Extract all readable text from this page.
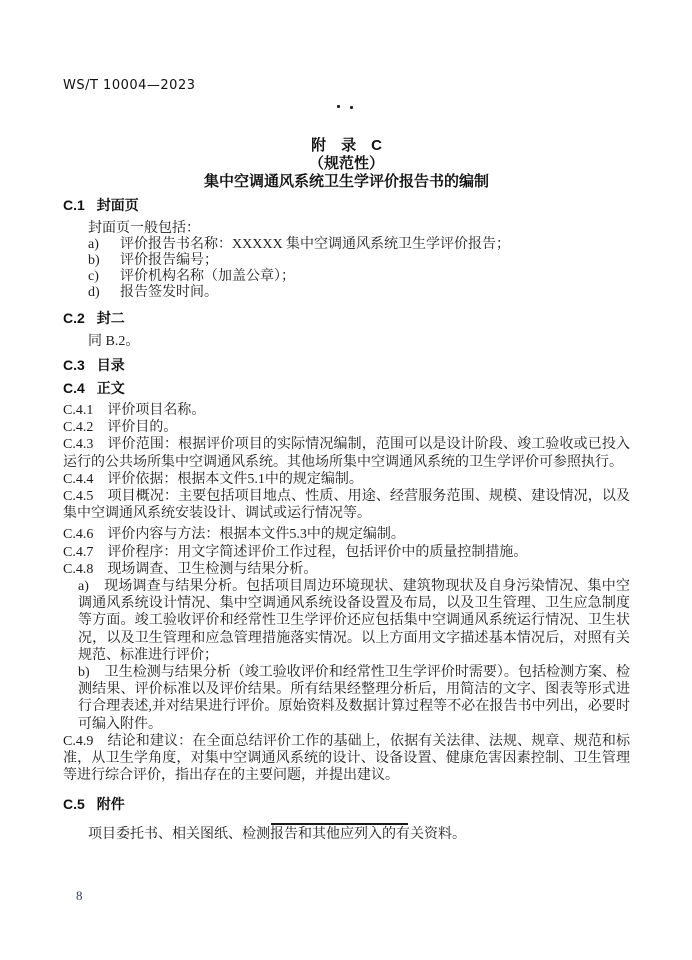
WS/T 10004—2023
附　录　C
（规范性）
集中空调通风系统卫生学评价报告书的编制

C.1 封面页

封面页一般包括：

a) 评价报告书名称：XXXXX 集中空调通风系统卫生学评价报告；
b) 评价报告编号；
c) 评价机构名称（加盖公章）；
d) 报告签发时间。

C.2 封二

同 B.2。

C.3 目录

C.4 正文

C.4.1 评价项目名称。

C.4.2 评价目的。

C.4.3 评价范围：根据评价项目的实际情况编制，范围可以是设计阶段、竣工验收或已投入运行的公共场所集中空调通风系统。其他场所集中空调通风系统的卫生学评价可参照执行。

C.4.4 评价依据：根据本文件5.1中的规定编制。

C.4.5 项目概况：主要包括项目地点、性质、用途、经营服务范围、规模、建设情况，以及集中空调通风系统安装设计、调试或运行情况等。

C.4.6 评价内容与方法：根据本文件5.3中的规定编制。

C.4.7 评价程序：用文字简述评价工作过程，包括评价中的质量控制措施。

C.4.8 现场调查、卫生检测与结果分析。

a) 现场调查与结果分析。包括项目周边环境现状、建筑物现状及自身污染情况、集中空调通风系统设计情况、集中空调通风系统设备设置及布局，以及卫生管理、卫生应急制度等方面。竣工验收评价和经常性卫生学评价还应包括集中空调通风系统运行情况、卫生状况，以及卫生管理和应急管理措施落实情况。以上方面用文字描述基本情况后，对照有关规范、标准进行评价；

b) 卫生检测与结果分析（竣工验收评价和经常性卫生学评价时需要）。包括检测方案、检测结果、评价标准以及评价结果。所有结果经整理分析后，用简洁的文字、图表等形式进行合理表述,并对结果进行评价。原始资料及数据计算过程等不必在报告书中列出，必要时可编入附件。

C.4.9 结论和建议：在全面总结评价工作的基础上，依据有关法律、法规、规章、规范和标准，从卫生学角度，对集中空调通风系统的设计、设备设置、健康危害因素控制、卫生管理等进行综合评价，指出存在的主要问题，并提出建议。

C.5 附件

项目委托书、相关图纸、检测报告和其他应列入的有关资料。

8
